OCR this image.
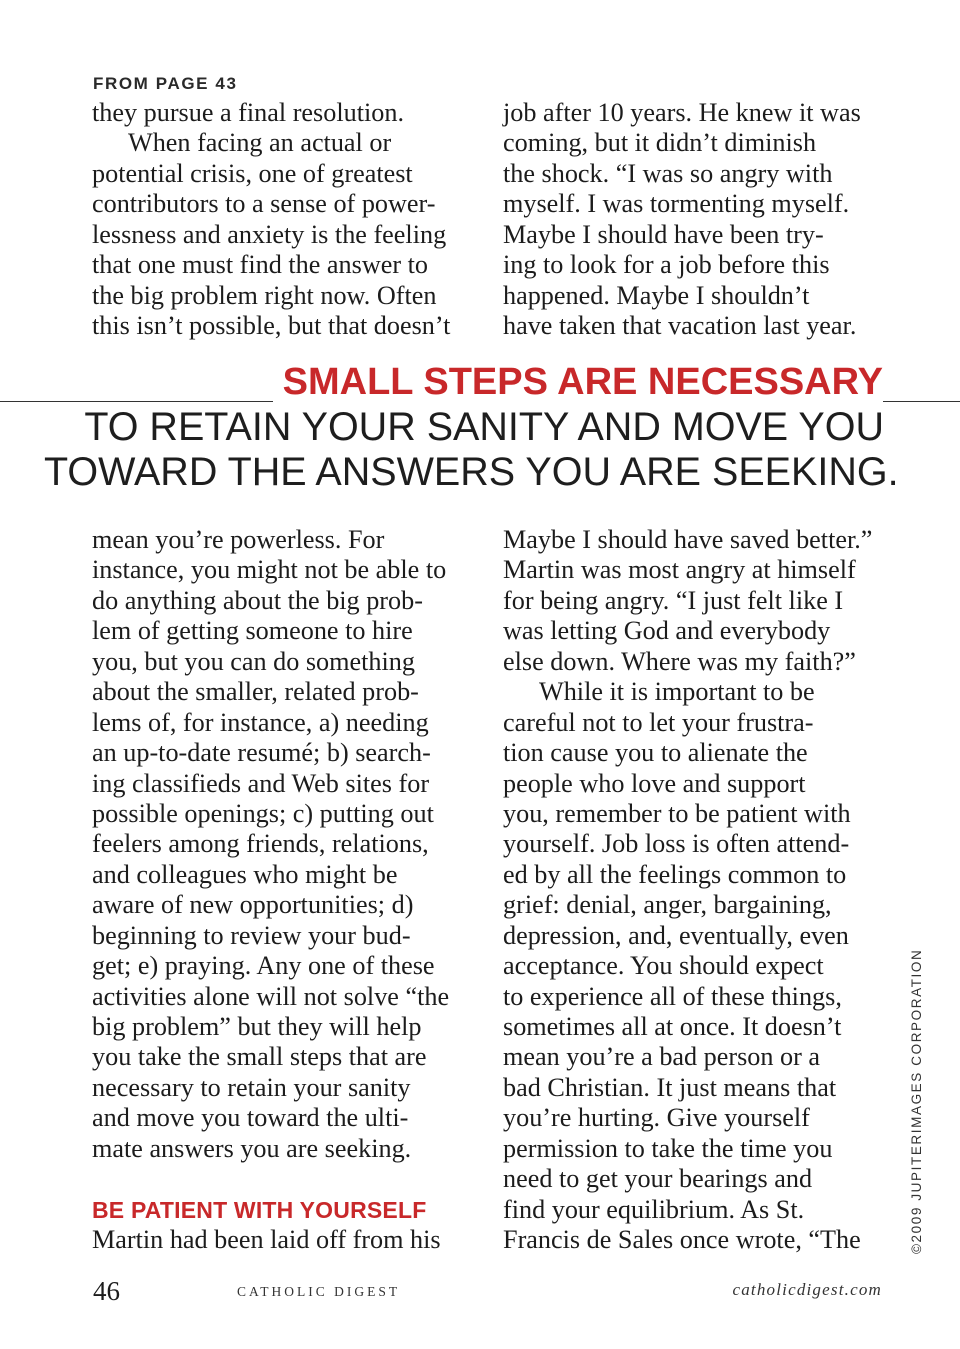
FROM PAGE 43
they pursue a final resolution.
When facing an actual or
potential crisis, one of greatest
contributors to a sense of power-
lessness and anxiety is the feeling
that one must find the answer to
the big problem right now. Often
this isn’t possible, but that doesn’t
job after 10 years. He knew it was
coming, but it didn’t diminish
the shock. “I was so angry with
myself. I was tormenting myself.
Maybe I should have been try-
ing to look for a job before this
happened. Maybe I shouldn’t
have taken that vacation last year.
SMALL STEPS ARE NECESSARY
TO RETAIN YOUR SANITY AND MOVE YOU
TOWARD THE ANSWERS YOU ARE SEEKING.
mean you’re powerless. For
instance, you might not be able to
do anything about the big prob-
lem of getting someone to hire
you, but you can do something
about the smaller, related prob-
lems of, for instance, a) needing
an up-to-date resumé; b) search-
ing classifieds and Web sites for
possible openings; c) putting out
feelers among friends, relations,
and colleagues who might be
aware of new opportunities; d)
beginning to review your bud-
get; e) praying. Any one of these
activities alone will not solve “the
big problem” but they will help
you take the small steps that are
necessary to retain your sanity
and move you toward the ulti-
mate answers you are seeking.
BE PATIENT WITH YOURSELF
Martin had been laid off from his
Maybe I should have saved better.”
Martin was most angry at himself
for being angry. “I just felt like I
was letting God and everybody
else down. Where was my faith?”
While it is important to be
careful not to let your frustra-
tion cause you to alienate the
people who love and support
you, remember to be patient with
yourself. Job loss is often attend-
ed by all the feelings common to
grief: denial, anger, bargaining,
depression, and, eventually, even
acceptance. You should expect
to experience all of these things,
sometimes all at once. It doesn’t
mean you’re a bad person or a
bad Christian. It just means that
you’re hurting. Give yourself
permission to take the time you
need to get your bearings and
find your equilibrium. As St.
Francis de Sales once wrote, “The	©2009 JUPITERIMAGES CORPORATION
46	CATHOLIC DIGEST	catholicdigest.com
